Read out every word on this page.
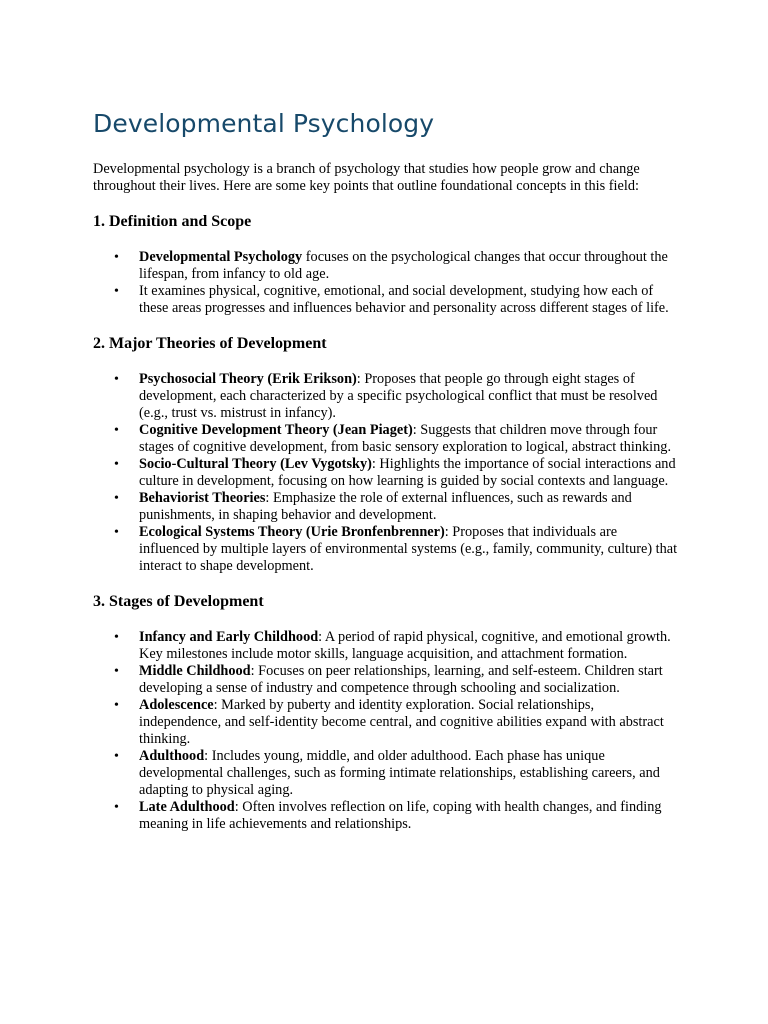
Developmental Psychology

Developmental psychology is a branch of psychology that studies how people grow and change throughout their lives. Here are some key points that outline foundational concepts in this field:

1. Definition and Scope
• Developmental Psychology focuses on the psychological changes that occur throughout the lifespan, from infancy to old age.
• It examines physical, cognitive, emotional, and social development, studying how each of these areas progresses and influences behavior and personality across different stages of life.
2. Major Theories of Development
• Psychosocial Theory (Erik Erikson): Proposes that people go through eight stages of development, each characterized by a specific psychological conflict that must be resolved (e.g., trust vs. mistrust in infancy).
• Cognitive Development Theory (Jean Piaget): Suggests that children move through four stages of cognitive development, from basic sensory exploration to logical, abstract thinking.
• Socio-Cultural Theory (Lev Vygotsky): Highlights the importance of social interactions and culture in development, focusing on how learning is guided by social contexts and language.
• Behaviorist Theories: Emphasize the role of external influences, such as rewards and punishments, in shaping behavior and development.
• Ecological Systems Theory (Urie Bronfenbrenner): Proposes that individuals are influenced by multiple layers of environmental systems (e.g., family, community, culture) that interact to shape development.
3. Stages of Development
• Infancy and Early Childhood: A period of rapid physical, cognitive, and emotional growth. Key milestones include motor skills, language acquisition, and attachment formation.
• Middle Childhood: Focuses on peer relationships, learning, and self-esteem. Children start developing a sense of industry and competence through schooling and socialization.
• Adolescence: Marked by puberty and identity exploration. Social relationships, independence, and self-identity become central, and cognitive abilities expand with abstract thinking.
• Adulthood: Includes young, middle, and older adulthood. Each phase has unique developmental challenges, such as forming intimate relationships, establishing careers, and adapting to physical aging.
• Late Adulthood: Often involves reflection on life, coping with health changes, and finding meaning in life achievements and relationships.
